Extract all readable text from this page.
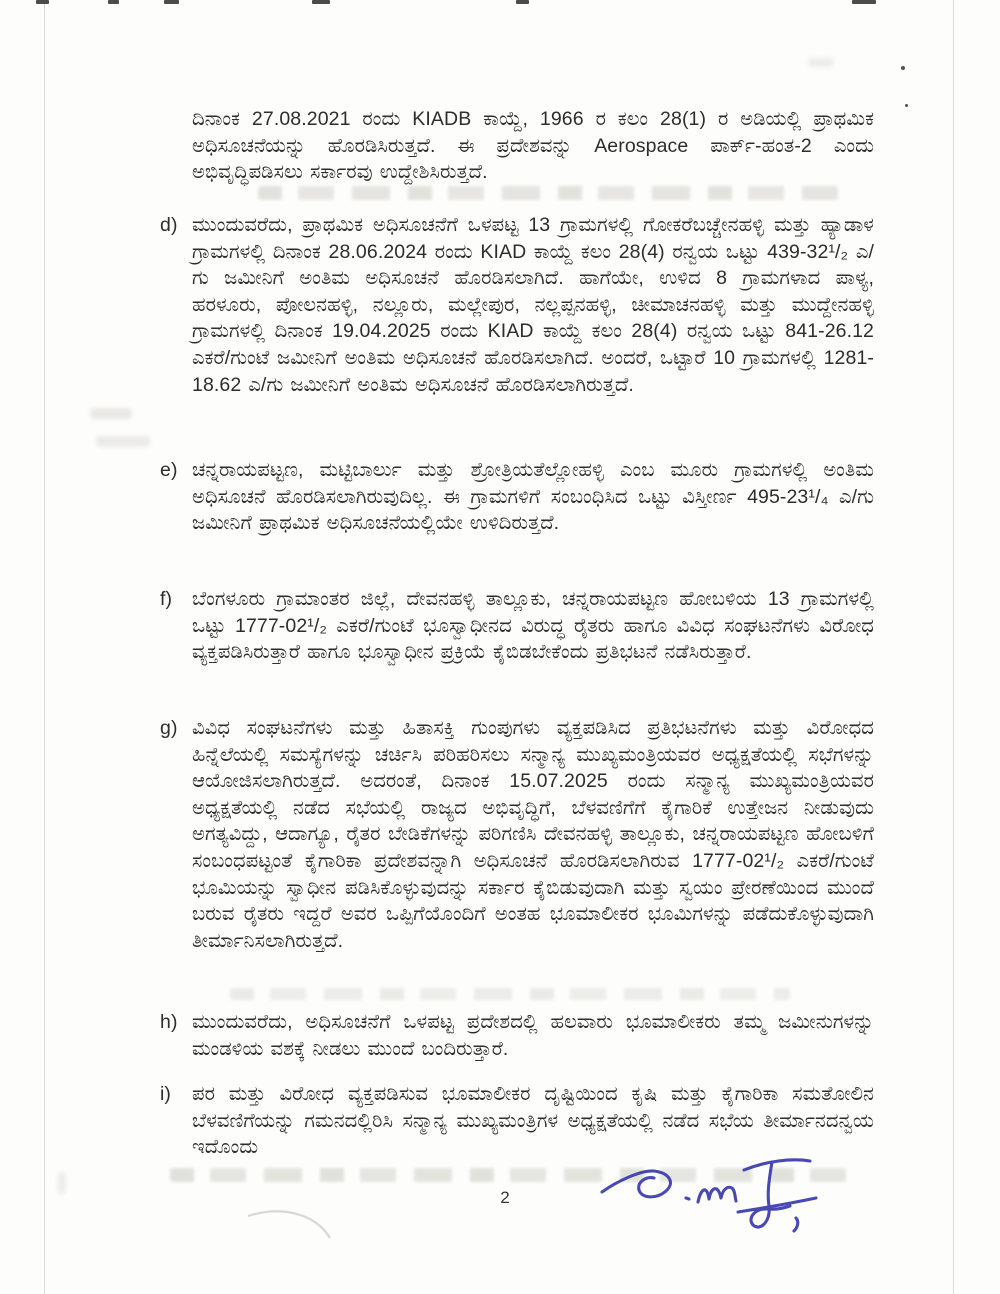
ದಿನಾಂಕ 27.08.2021 ರಂದು KIADB ಕಾಯ್ದೆ, 1966 ರ ಕಲಂ 28(1) ರ ಅಡಿಯಲ್ಲಿ ಪ್ರಾಥಮಿಕ ಅಧಿಸೂಚನೆಯನ್ನು ಹೊರಡಿಸಿರುತ್ತದೆ. ಈ ಪ್ರದೇಶವನ್ನು Aerospace ಪಾರ್ಕ್-ಹಂತ-2 ಎಂದು ಅಭಿವೃದ್ಧಿಪಡಿಸಲು ಸರ್ಕಾರವು ಉದ್ದೇಶಿಸಿರುತ್ತದೆ.
d) ಮುಂದುವರೆದು, ಪ್ರಾಥಮಿಕ ಅಧಿಸೂಚನೆಗೆ ಒಳಪಟ್ಟ 13 ಗ್ರಾಮಗಳಲ್ಲಿ ಗೋಕರೆಬಚ್ಚೇನಹಳ್ಳಿ ಮತ್ತು ಹ್ಯಾಡಾಳ ಗ್ರಾಮಗಳಲ್ಲಿ ದಿನಾಂಕ 28.06.2024 ರಂದು KIAD ಕಾಯ್ದೆ ಕಲಂ 28(4) ರನ್ವಯ ಒಟ್ಟು 439-32¹/₂ ಎ/ಗು ಜಮೀನಿಗೆ ಅಂತಿಮ ಅಧಿಸೂಚನೆ ಹೊರಡಿಸಲಾಗಿದೆ. ಹಾಗೆಯೇ, ಉಳಿದ 8 ಗ್ರಾಮಗಳಾದ ಪಾಳ್ಯ, ಹರಳೂರು, ಪೋಲನಹಳ್ಳಿ, ನಲ್ಲೂರು, ಮಲ್ಲೇಪುರ, ನಲ್ಲಪ್ಪನಹಳ್ಳಿ, ಚೀಮಾಚನಹಳ್ಳಿ ಮತ್ತು ಮುದ್ದೇನಹಳ್ಳಿ ಗ್ರಾಮಗಳಲ್ಲಿ ದಿನಾಂಕ 19.04.2025 ರಂದು KIAD ಕಾಯ್ದೆ ಕಲಂ 28(4) ರನ್ವಯ ಒಟ್ಟು 841-26.12 ಎಕರೆ/ಗುಂಟೆ ಜಮೀನಿಗೆ ಅಂತಿಮ ಅಧಿಸೂಚನೆ ಹೊರಡಿಸಲಾಗಿದೆ. ಅಂದರೆ, ಒಟ್ಟಾರೆ 10 ಗ್ರಾಮಗಳಲ್ಲಿ 1281-18.62 ಎ/ಗು ಜಮೀನಿಗೆ ಅಂತಿಮ ಅಧಿಸೂಚನೆ ಹೊರಡಿಸಲಾಗಿರುತ್ತದೆ.
e) ಚನ್ನರಾಯಪಟ್ಟಣ, ಮಟ್ಟಿಬಾರ್ಲು ಮತ್ತು ಶ್ರೋತ್ರಿಯತೆಲ್ಲೋಹಳ್ಳಿ ಎಂಬ ಮೂರು ಗ್ರಾಮಗಳಲ್ಲಿ ಅಂತಿಮ ಅಧಿಸೂಚನೆ ಹೊರಡಿಸಲಾಗಿರುವುದಿಲ್ಲ. ಈ ಗ್ರಾಮಗಳಿಗೆ ಸಂಬಂಧಿಸಿದ ಒಟ್ಟು ವಿಸ್ತೀರ್ಣ 495-23¹/₄ ಎ/ಗು ಜಮೀನಿಗೆ ಪ್ರಾಥಮಿಕ ಅಧಿಸೂಚನೆಯಲ್ಲಿಯೇ ಉಳಿದಿರುತ್ತದೆ.
f)	ಬೆಂಗಳೂರು ಗ್ರಾಮಾಂತರ ಜಿಲ್ಲೆ, ದೇವನಹಳ್ಳಿ ತಾಲ್ಲೂಕು, ಚನ್ನರಾಯಪಟ್ಟಣ ಹೋಬಳಿಯ 13 ಗ್ರಾಮಗಳಲ್ಲಿ ಒಟ್ಟು 1777-02¹/₂ ಎಕರೆ/ಗುಂಟೆ ಭೂಸ್ವಾಧೀನದ ವಿರುದ್ಧ ರೈತರು ಹಾಗೂ ವಿವಿಧ ಸಂಘಟನೆಗಳು ವಿರೋಧ ವ್ಯಕ್ತಪಡಿಸಿರುತ್ತಾರೆ ಹಾಗೂ ಭೂಸ್ವಾಧೀನ ಪ್ರಕ್ರಿಯೆ ಕೈಬಿಡಬೇಕೆಂದು ಪ್ರತಿಭಟನೆ ನಡೆಸಿರುತ್ತಾರೆ.
g) ವಿವಿಧ ಸಂಘಟನೆಗಳು ಮತ್ತು ಹಿತಾಸಕ್ತಿ ಗುಂಪುಗಳು ವ್ಯಕ್ತಪಡಿಸಿದ ಪ್ರತಿಭಟನೆಗಳು ಮತ್ತು ವಿರೋಧದ ಹಿನ್ನೆಲೆಯಲ್ಲಿ ಸಮಸ್ಯೆಗಳನ್ನು ಚರ್ಚಿಸಿ ಪರಿಹರಿಸಲು ಸನ್ಮಾನ್ಯ ಮುಖ್ಯಮಂತ್ರಿಯವರ ಅಧ್ಯಕ್ಷತೆಯಲ್ಲಿ ಸಭೆಗಳನ್ನು ಆಯೋಜಿಸಲಾಗಿರುತ್ತದೆ. ಅದರಂತೆ, ದಿನಾಂಕ 15.07.2025 ರಂದು ಸನ್ಮಾನ್ಯ ಮುಖ್ಯಮಂತ್ರಿಯವರ ಅಧ್ಯಕ್ಷತೆಯಲ್ಲಿ ನಡೆದ ಸಭೆಯಲ್ಲಿ ರಾಜ್ಯದ ಅಭಿವೃದ್ಧಿಗೆ, ಬೆಳವಣಿಗೆಗೆ ಕೈಗಾರಿಕೆ ಉತ್ತೇಜನ ನೀಡುವುದು ಅಗತ್ಯವಿದ್ದು, ಆದಾಗ್ಯೂ, ರೈತರ ಬೇಡಿಕೆಗಳನ್ನು ಪರಿಗಣಿಸಿ ದೇವನಹಳ್ಳಿ ತಾಲ್ಲೂಕು, ಚನ್ನರಾಯಪಟ್ಟಣ ಹೋಬಳಿಗೆ ಸಂಬಂಧಪಟ್ಟಂತೆ ಕೈಗಾರಿಕಾ ಪ್ರದೇಶವನ್ನಾಗಿ ಅಧಿಸೂಚನೆ ಹೊರಡಿಸಲಾಗಿರುವ 1777-02¹/₂ ಎಕರೆ/ಗುಂಟೆ ಭೂಮಿಯನ್ನು ಸ್ವಾಧೀನ ಪಡಿಸಿಕೊಳ್ಳುವುದನ್ನು ಸರ್ಕಾರ ಕೈಬಿಡುವುದಾಗಿ ಮತ್ತು ಸ್ವಯಂ ಪ್ರೇರಣೆಯಿಂದ ಮುಂದೆ ಬರುವ ರೈತರು ಇದ್ದರೆ ಅವರ ಒಪ್ಪಿಗೆಯೊಂದಿಗೆ ಅಂತಹ ಭೂಮಾಲೀಕರ ಭೂಮಿಗಳನ್ನು ಪಡೆದುಕೊಳ್ಳುವುದಾಗಿ ತೀರ್ಮಾನಿಸಲಾಗಿರುತ್ತದೆ.
h) ಮುಂದುವರೆದು, ಅಧಿಸೂಚನೆಗೆ ಒಳಪಟ್ಟ ಪ್ರದೇಶದಲ್ಲಿ ಹಲವಾರು ಭೂಮಾಲೀಕರು ತಮ್ಮ ಜಮೀನುಗಳನ್ನು ಮಂಡಳಿಯ ವಶಕ್ಕೆ ನೀಡಲು ಮುಂದೆ ಬಂದಿರುತ್ತಾರೆ.
i)	ಪರ ಮತ್ತು ವಿರೋಧ ವ್ಯಕ್ತಪಡಿಸುವ ಭೂಮಾಲೀಕರ ದೃಷ್ಟಿಯಿಂದ ಕೃಷಿ ಮತ್ತು ಕೈಗಾರಿಕಾ ಸಮತೋಲಿನ ಬೆಳವಣಿಗೆಯನ್ನು ಗಮನದಲ್ಲಿರಿಸಿ ಸನ್ಮಾನ್ಯ ಮುಖ್ಯಮಂತ್ರಿಗಳ ಅಧ್ಯಕ್ಷತೆಯಲ್ಲಿ ನಡೆದ ಸಭೆಯ ತೀರ್ಮಾನದನ್ವಯ ಇದೊಂದು
2
